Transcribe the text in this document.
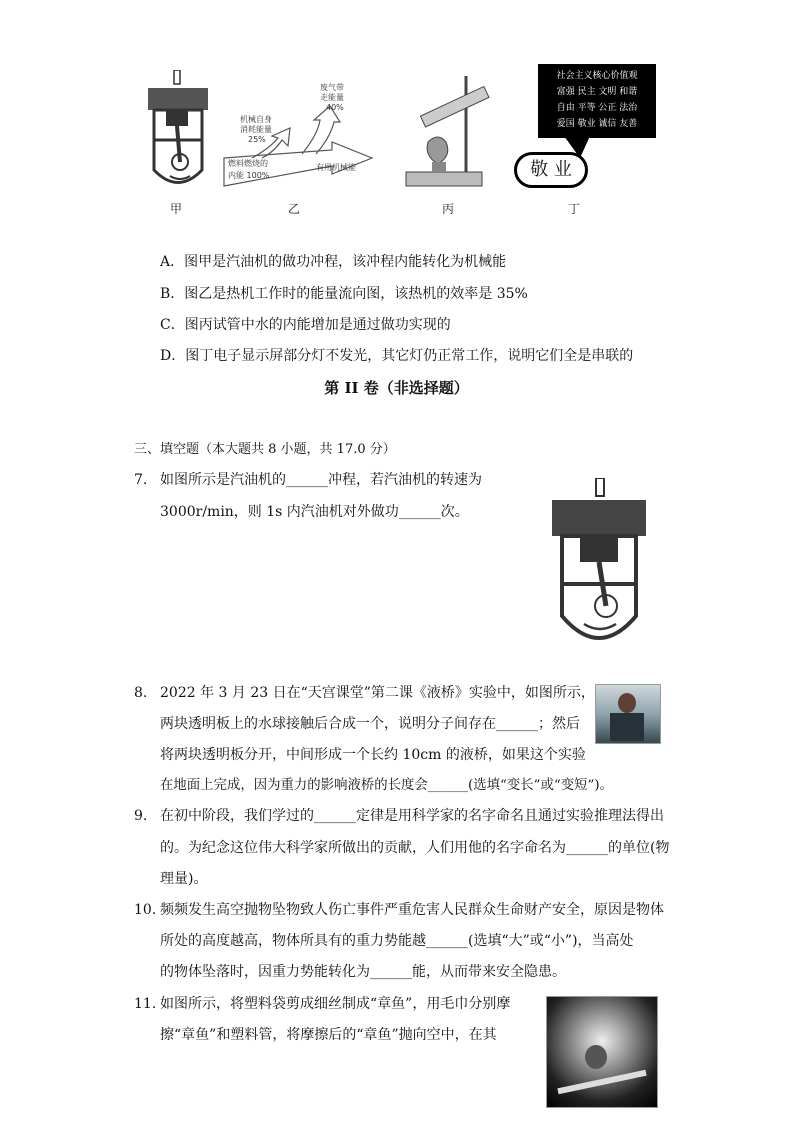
燃料燃烧的
内能 100%
机械自身
消耗能量
25%
废气带
走能量
40%
有用机械能
社会主义核心价值观
富强 民主 文明 和谐
自由 平等 公正 法治
爱国 敬业 诚信 友善
敬 业
甲	乙	丙	丁
A．图甲是汽油机的做功冲程，该冲程内能转化为机械能
B．图乙是热机工作时的能量流向图，该热机的效率是 35%
C．图丙试管中水的内能增加是通过做功实现的
D．图丁电子显示屏部分灯不发光，其它灯仍正常工作，说明它们全是串联的
第 II 卷（非选择题）
三、填空题（本大题共 8 小题，共 17.0 分）
7. 如图所示是汽油机的______冲程，若汽油机的转速为
3000r/min，则 1s 内汽油机对外做功______次。
8. 2022 年 3 月 23 日在“天宫课堂”第二课《液桥》实验中，如图所示，
两块透明板上的水球接触后合成一个，说明分子间存在______；然后
将两块透明板分开，中间形成一个长约 10cm 的液桥，如果这个实验
在地面上完成，因为重力的影响液桥的长度会______(选填“变长”或“变短”)。
9. 在初中阶段，我们学过的______定律是用科学家的名字命名且通过实验推理法得出
的。为纪念这位伟大科学家所做出的贡献，人们用他的名字命名为______的单位(物
理量)。
10. 频频发生高空抛物坠物致人伤亡事件严重危害人民群众生命财产安全，原因是物体
所处的高度越高，物体所具有的重力势能越______(选填“大”或“小”)，当高处
的物体坠落时，因重力势能转化为______能，从而带来安全隐患。
11. 如图所示，将塑料袋剪成细丝制成“章鱼”，用毛巾分别摩
擦“章鱼”和塑料管，将摩擦后的“章鱼”抛向空中，在其
